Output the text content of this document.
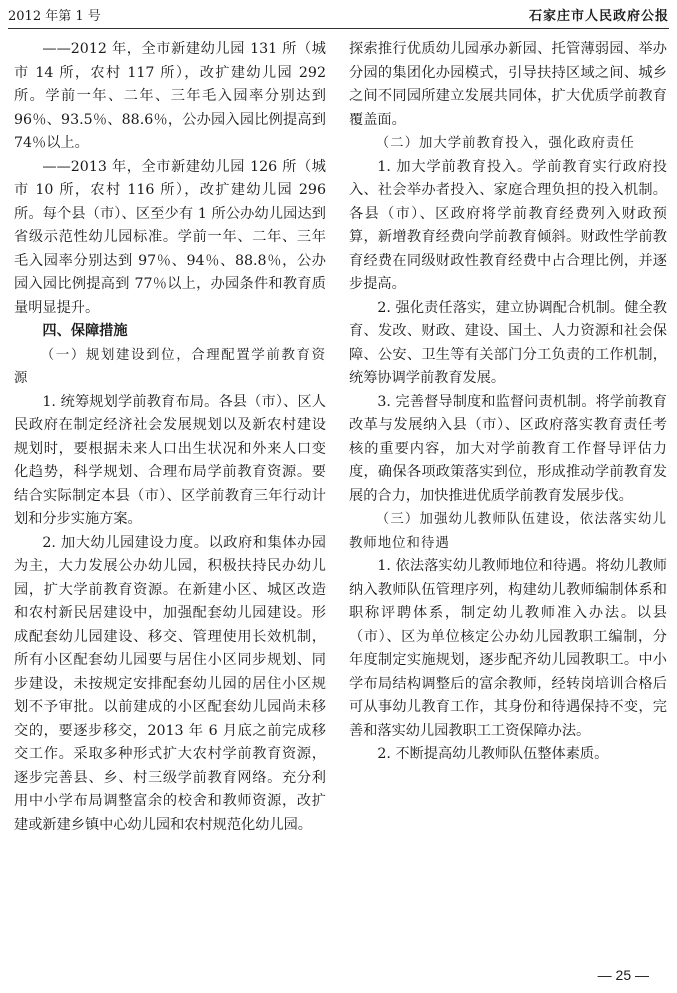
2012 年第 1 号	石家庄市人民政府公报

——2012 年，全市新建幼儿园 131 所（城市 14 所，农村 117 所），改扩建幼儿园 292 所。学前一年、二年、三年毛入园率分别达到 96％、93.5％、88.6％，公办园入园比例提高到 74％以上。

——2013 年，全市新建幼儿园 126 所（城市 10 所，农村 116 所），改扩建幼儿园 296 所。每个县（市）、区至少有 1 所公办幼儿园达到省级示范性幼儿园标准。学前一年、二年、三年毛入园率分别达到 97％、94％、88.8％，公办园入园比例提高到 77％以上，办园条件和教育质量明显提升。

四、保障措施

（一）规划建设到位，合理配置学前教育资源

1. 统筹规划学前教育布局。各县（市）、区人民政府在制定经济社会发展规划以及新农村建设规划时，要根据未来人口出生状况和外来人口变化趋势，科学规划、合理布局学前教育资源。要结合实际制定本县（市）、区学前教育三年行动计划和分步实施方案。

2. 加大幼儿园建设力度。以政府和集体办园为主，大力发展公办幼儿园，积极扶持民办幼儿园，扩大学前教育资源。在新建小区、城区改造和农村新民居建设中，加强配套幼儿园建设。形成配套幼儿园建设、移交、管理使用长效机制，所有小区配套幼儿园要与居住小区同步规划、同步建设，未按规定安排配套幼儿园的居住小区规划不予审批。以前建成的小区配套幼儿园尚未移交的，要逐步移交，2013 年 6 月底之前完成移交工作。采取多种形式扩大农村学前教育资源，逐步完善县、乡、村三级学前教育网络。充分利用中小学布局调整富余的校舍和教师资源，改扩建或新建乡镇中心幼儿园和农村规范化幼儿园。

探索推行优质幼儿园承办新园、托管薄弱园、举办分园的集团化办园模式，引导扶持区域之间、城乡之间不同园所建立发展共同体，扩大优质学前教育覆盖面。

（二）加大学前教育投入，强化政府责任

1. 加大学前教育投入。学前教育实行政府投入、社会举办者投入、家庭合理负担的投入机制。各县（市）、区政府将学前教育经费列入财政预算，新增教育经费向学前教育倾斜。财政性学前教育经费在同级财政性教育经费中占合理比例，并逐步提高。

2. 强化责任落实，建立协调配合机制。健全教育、发改、财政、建设、国土、人力资源和社会保障、公安、卫生等有关部门分工负责的工作机制，统筹协调学前教育发展。

3. 完善督导制度和监督问责机制。将学前教育改革与发展纳入县（市）、区政府落实教育责任考核的重要内容，加大对学前教育工作督导评估力度，确保各项政策落实到位，形成推动学前教育发展的合力，加快推进优质学前教育发展步伐。

（三）加强幼儿教师队伍建设，依法落实幼儿教师地位和待遇

1. 依法落实幼儿教师地位和待遇。将幼儿教师纳入教师队伍管理序列，构建幼儿教师编制体系和职称评聘体系，制定幼儿教师准入办法。以县（市）、区为单位核定公办幼儿园教职工编制，分年度制定实施规划，逐步配齐幼儿园教职工。中小学布局结构调整后的富余教师，经转岗培训合格后可从事幼儿教育工作，其身份和待遇保持不变，完善和落实幼儿园教职工工资保障办法。

2. 不断提高幼儿教师队伍整体素质。

— 25 —
